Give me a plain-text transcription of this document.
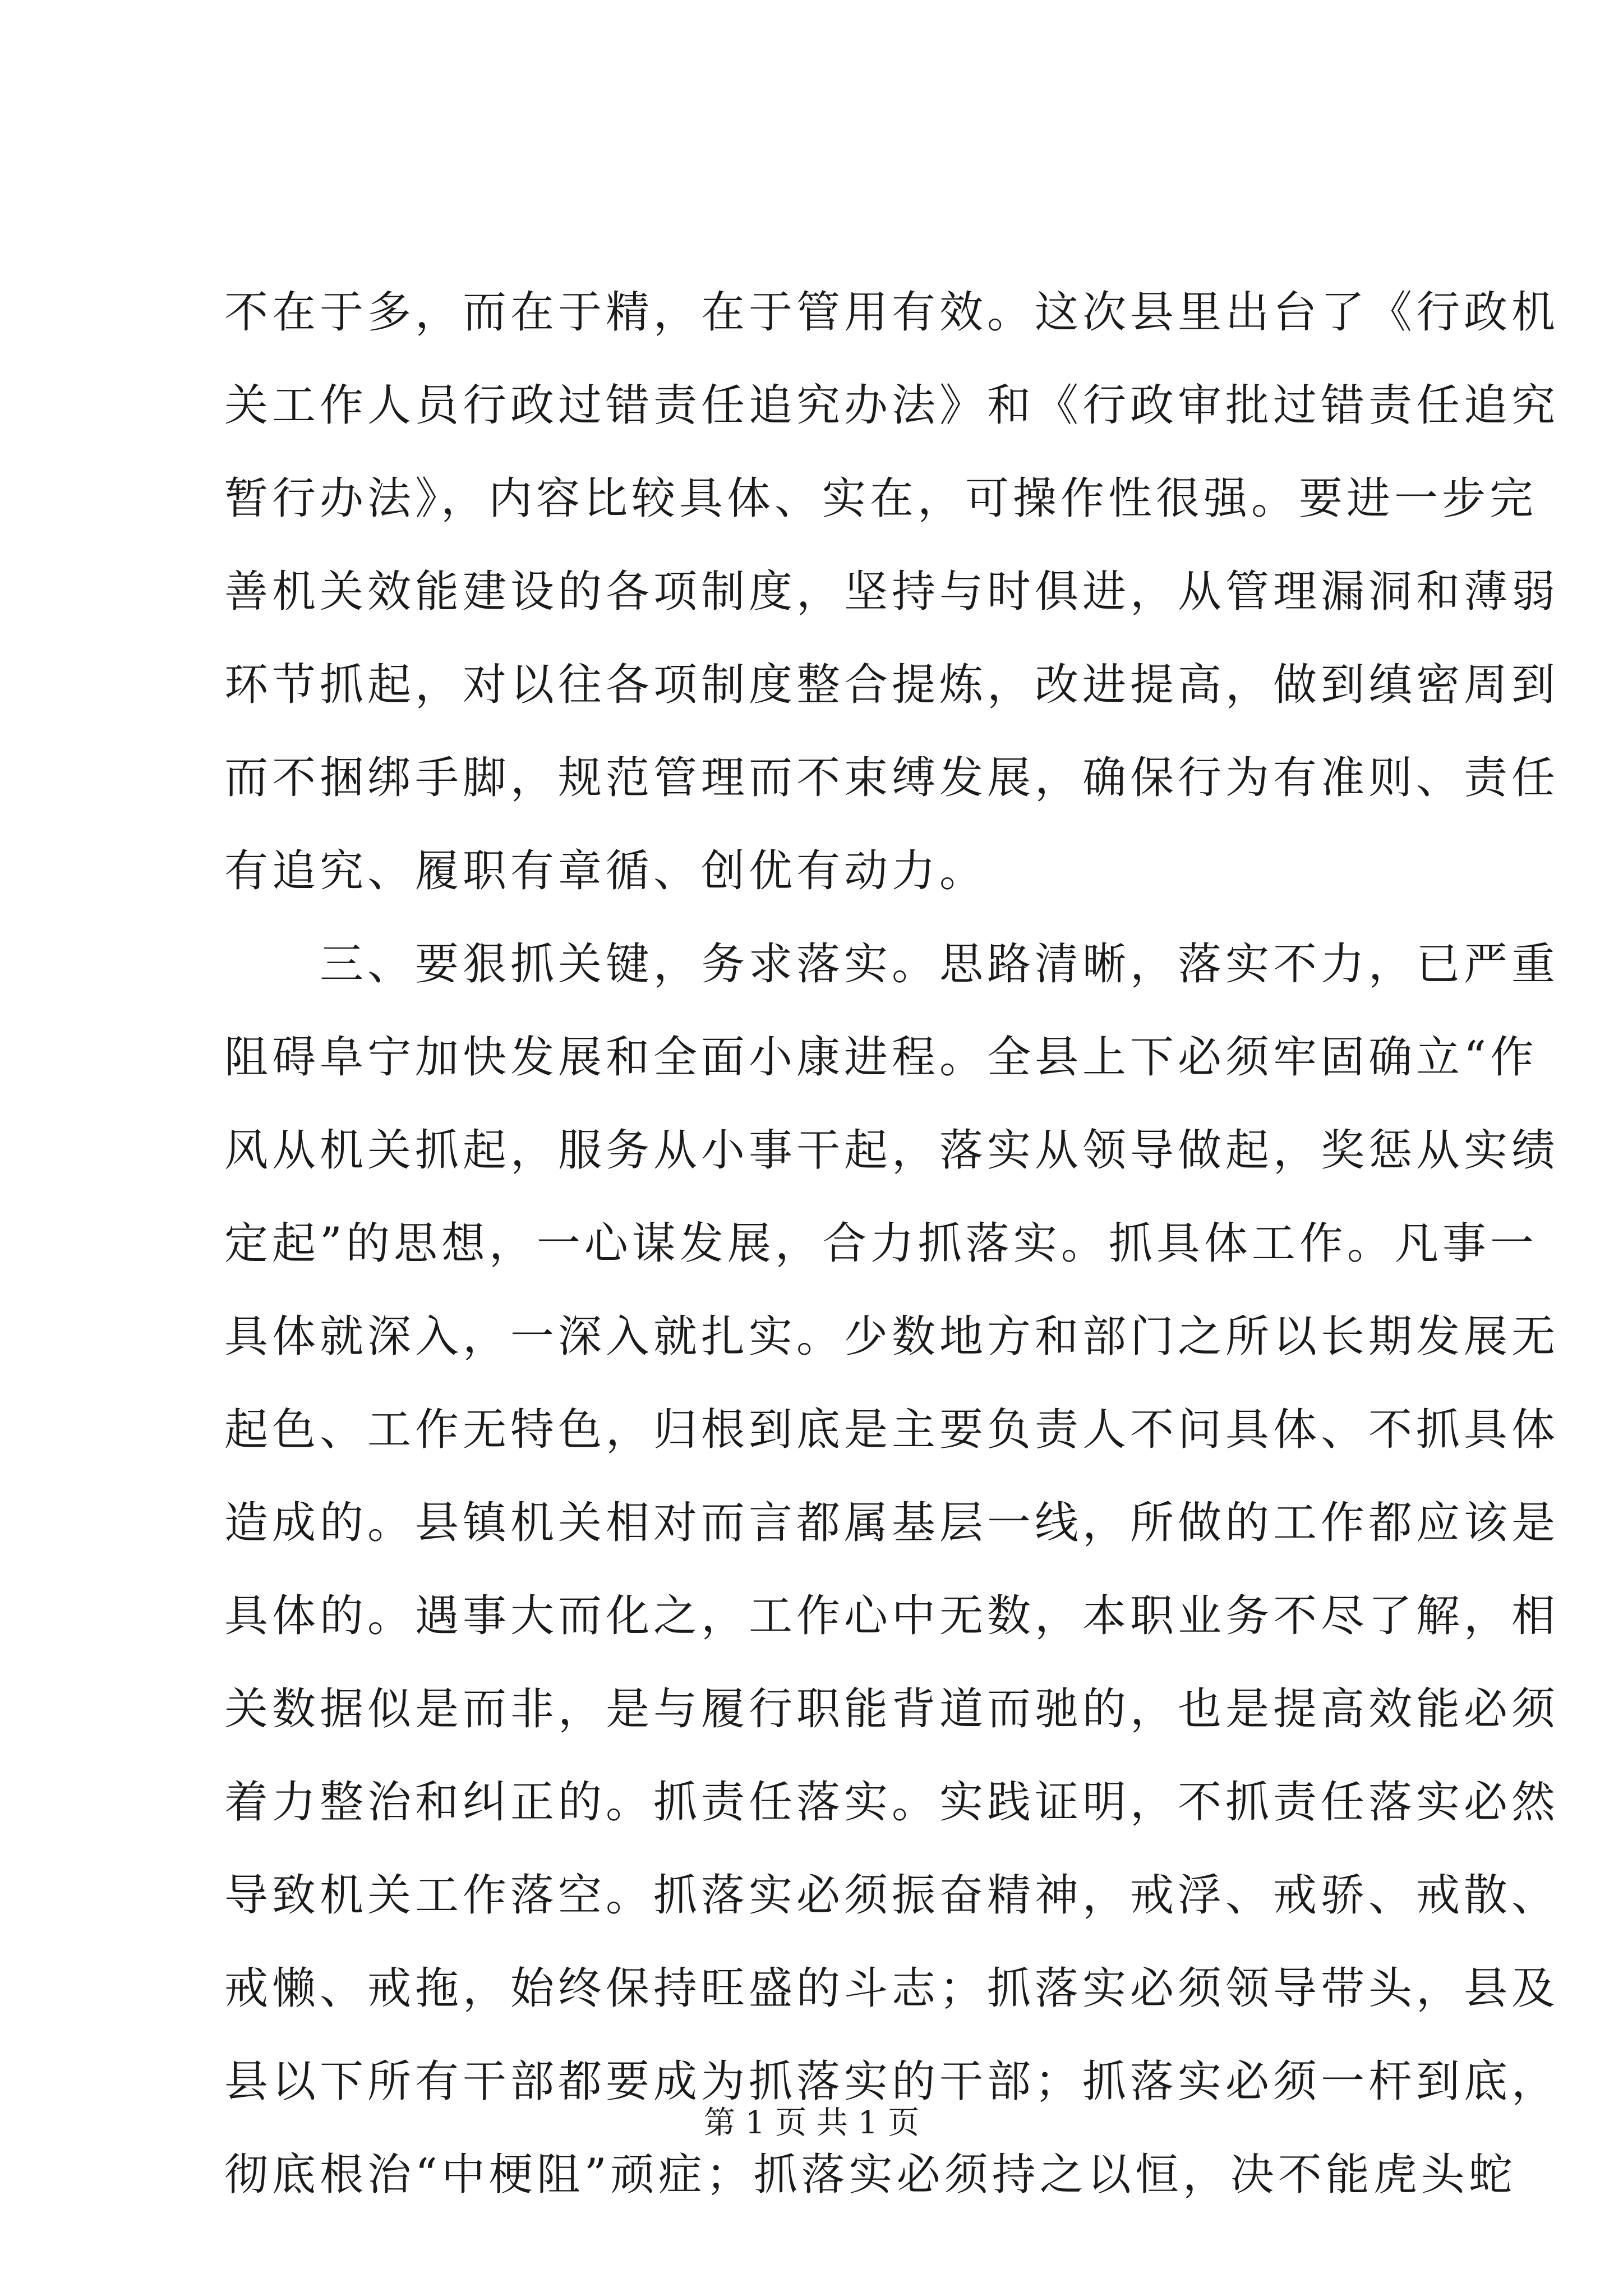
不在于多，而在于精，在于管用有效。这次县里出台了《行政机
关工作人员行政过错责任追究办法》和《行政审批过错责任追究
暂行办法》，内容比较具体、实在，可操作性很强。要进一步完
善机关效能建设的各项制度，坚持与时俱进，从管理漏洞和薄弱
环节抓起，对以往各项制度整合提炼，改进提高，做到缜密周到
而不捆绑手脚，规范管理而不束缚发展，确保行为有准则、责任
有追究、履职有章循、创优有动力。
　　三、要狠抓关键，务求落实。思路清晰，落实不力，已严重
阻碍阜宁加快发展和全面小康进程。全县上下必须牢固确立“作
风从机关抓起，服务从小事干起，落实从领导做起，奖惩从实绩
定起”的思想，一心谋发展，合力抓落实。抓具体工作。凡事一
具体就深入，一深入就扎实。少数地方和部门之所以长期发展无
起色、工作无特色，归根到底是主要负责人不问具体、不抓具体
造成的。县镇机关相对而言都属基层一线，所做的工作都应该是
具体的。遇事大而化之，工作心中无数，本职业务不尽了解，相
关数据似是而非，是与履行职能背道而驰的，也是提高效能必须
着力整治和纠正的。抓责任落实。实践证明，不抓责任落实必然
导致机关工作落空。抓落实必须振奋精神，戒浮、戒骄、戒散、
戒懒、戒拖，始终保持旺盛的斗志；抓落实必须领导带头，县及
县以下所有干部都要成为抓落实的干部；抓落实必须一杆到底，
彻底根治“中梗阻”顽症；抓落实必须持之以恒，决不能虎头蛇
第 1 页 共 1 页
